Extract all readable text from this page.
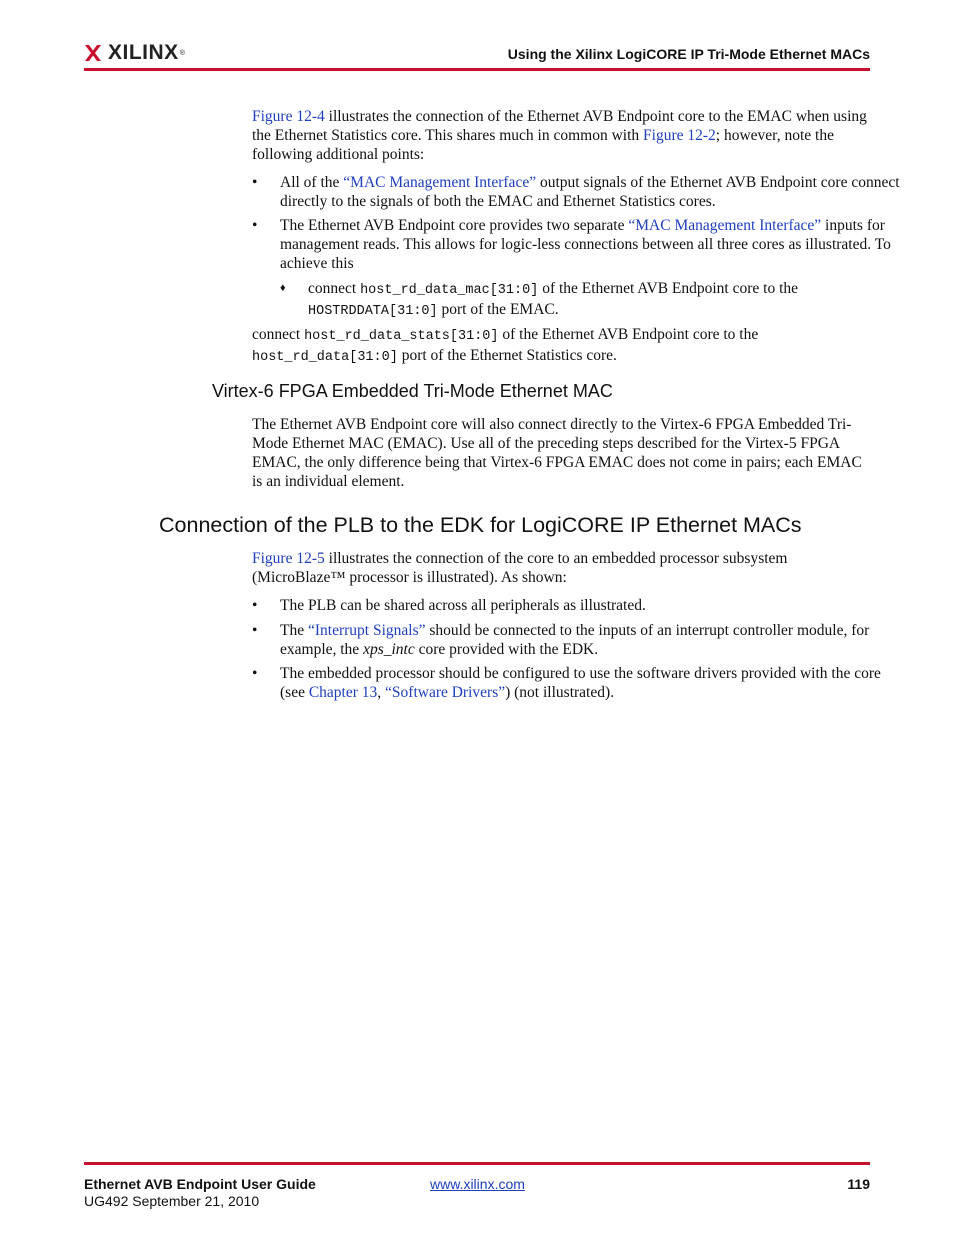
XILINX ®	Using the Xilinx LogiCORE IP Tri-Mode Ethernet MACs

Figure 12-4 illustrates the connection of the Ethernet AVB Endpoint core to the EMAC when using the Ethernet Statistics core. This shares much in common with Figure 12-2; however, note the following additional points:

•	All of the “MAC Management Interface” output signals of the Ethernet AVB Endpoint core connect directly to the signals of both the EMAC and Ethernet Statistics cores.

•	The Ethernet AVB Endpoint core provides two separate “MAC Management Interface” inputs for management reads. This allows for logic-less connections between all three cores as illustrated. To achieve this

♦ connect host_rd_data_mac[31:0] of the Ethernet AVB Endpoint core to the HOSTRDDATA[31:0] port of the EMAC.

connect host_rd_data_stats[31:0] of the Ethernet AVB Endpoint core to the host_rd_data[31:0] port of the Ethernet Statistics core.

Virtex-6 FPGA Embedded Tri-Mode Ethernet MAC

The Ethernet AVB Endpoint core will also connect directly to the Virtex-6 FPGA Embedded Tri-Mode Ethernet MAC (EMAC). Use all of the preceding steps described for the Virtex-5 FPGA EMAC, the only difference being that Virtex-6 FPGA EMAC does not come in pairs; each EMAC is an individual element.

Connection of the PLB to the EDK for LogiCORE IP Ethernet MACs

Figure 12-5 illustrates the connection of the core to an embedded processor subsystem (MicroBlaze™ processor is illustrated). As shown:

•	The PLB can be shared across all peripherals as illustrated.

•	The “Interrupt Signals” should be connected to the inputs of an interrupt controller module, for example, the xps_intc core provided with the EDK.

•	The embedded processor should be configured to use the software drivers provided with the core (see Chapter 13, “Software Drivers”) (not illustrated).

Ethernet AVB Endpoint User Guide
UG492 September 21, 2010
www.xilinx.com	119
